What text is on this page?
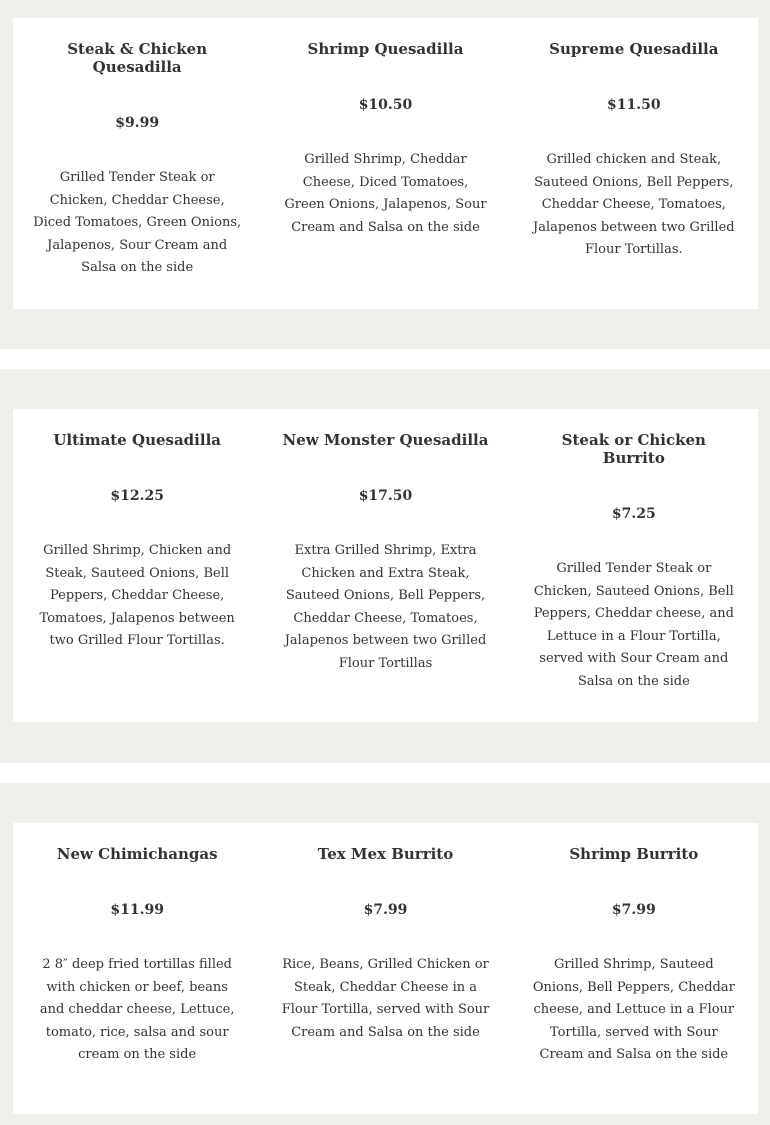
Steak & Chicken Quesadilla
$9.99
Grilled Tender Steak or Chicken, Cheddar Cheese, Diced Tomatoes, Green Onions, Jalapenos, Sour Cream and Salsa on the side
Shrimp Quesadilla
$10.50
Grilled Shrimp, Cheddar Cheese, Diced Tomatoes, Green Onions, Jalapenos, Sour Cream and Salsa on the side
Supreme Quesadilla
$11.50
Grilled chicken and Steak, Sauteed Onions, Bell Peppers, Cheddar Cheese, Tomatoes, Jalapenos between two Grilled Flour Tortillas.
Ultimate Quesadilla
$12.25
Grilled Shrimp, Chicken and Steak, Sauteed Onions, Bell Peppers, Cheddar Cheese, Tomatoes, Jalapenos between two Grilled Flour Tortillas.
New Monster Quesadilla
$17.50
Extra Grilled Shrimp, Extra Chicken and Extra Steak, Sauteed Onions, Bell Peppers, Cheddar Cheese, Tomatoes, Jalapenos between two Grilled Flour Tortillas
Steak or Chicken Burrito
$7.25
Grilled Tender Steak or Chicken, Sauteed Onions, Bell Peppers, Cheddar cheese, and Lettuce in a Flour Tortilla, served with Sour Cream and Salsa on the side
New Chimichangas
$11.99
2 8″ deep fried tortillas filled with chicken or beef, beans and cheddar cheese, Lettuce, tomato, rice, salsa and sour cream on the side
Tex Mex Burrito
$7.99
Rice, Beans, Grilled Chicken or Steak, Cheddar Cheese in a Flour Tortilla, served with Sour Cream and Salsa on the side
Shrimp Burrito
$7.99
Grilled Shrimp, Sauteed Onions, Bell Peppers, Cheddar cheese, and Lettuce in a Flour Tortilla, served with Sour Cream and Salsa on the side
